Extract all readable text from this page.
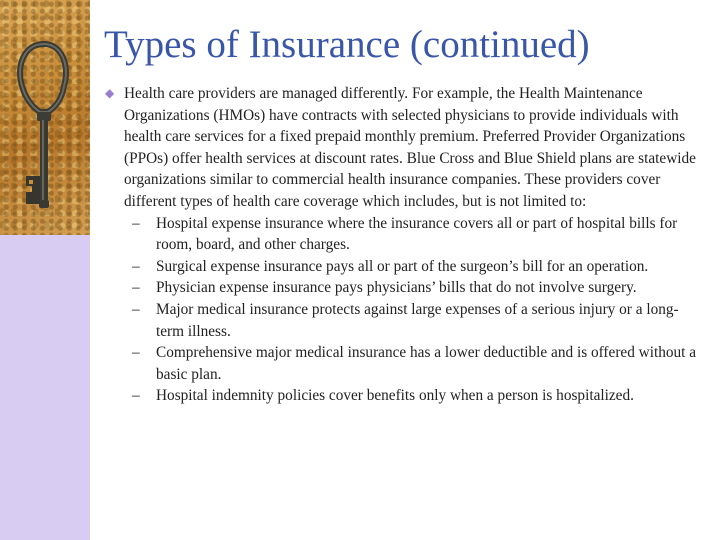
Types of Insurance (continued)
◆ Health care providers are managed differently. For example, the Health Maintenance Organizations (HMOs) have contracts with selected physicians to provide individuals with health care services for a fixed prepaid monthly premium. Preferred Provider Organizations (PPOs) offer health services at discount rates. Blue Cross and Blue Shield plans are statewide organizations similar to commercial health insurance companies. These providers cover different types of health care coverage which includes, but is not limited to:
– Hospital expense insurance where the insurance covers all or part of hospital bills for room, board, and other charges.
– Surgical expense insurance pays all or part of the surgeon’s bill for an operation.
– Physician expense insurance pays physicians’ bills that do not involve surgery.
– Major medical insurance protects against large expenses of a serious injury or a long-term illness.
– Comprehensive major medical insurance has a lower deductible and is offered without a basic plan.
– Hospital indemnity policies cover benefits only when a person is hospitalized.
